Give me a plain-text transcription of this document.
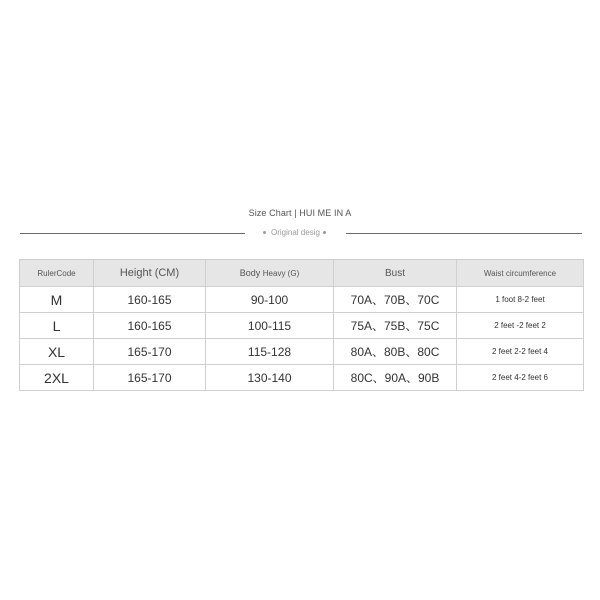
Size Chart | HUI ME IN A
Original desig
RulerCode	Height (CM)	Body Heavy (G)	Bust	Waist circumference
M	160-165	90-100	70A、70B、70C	1 foot 8-2 feet
L	160-165	100-115	75A、75B、75C	2 feet -2 feet 2
XL	165-170	115-128	80A、80B、80C	2 feet 2-2 feet 4
2XL	165-170	130-140	80C、90A、90B	2 feet 4-2 feet 6
